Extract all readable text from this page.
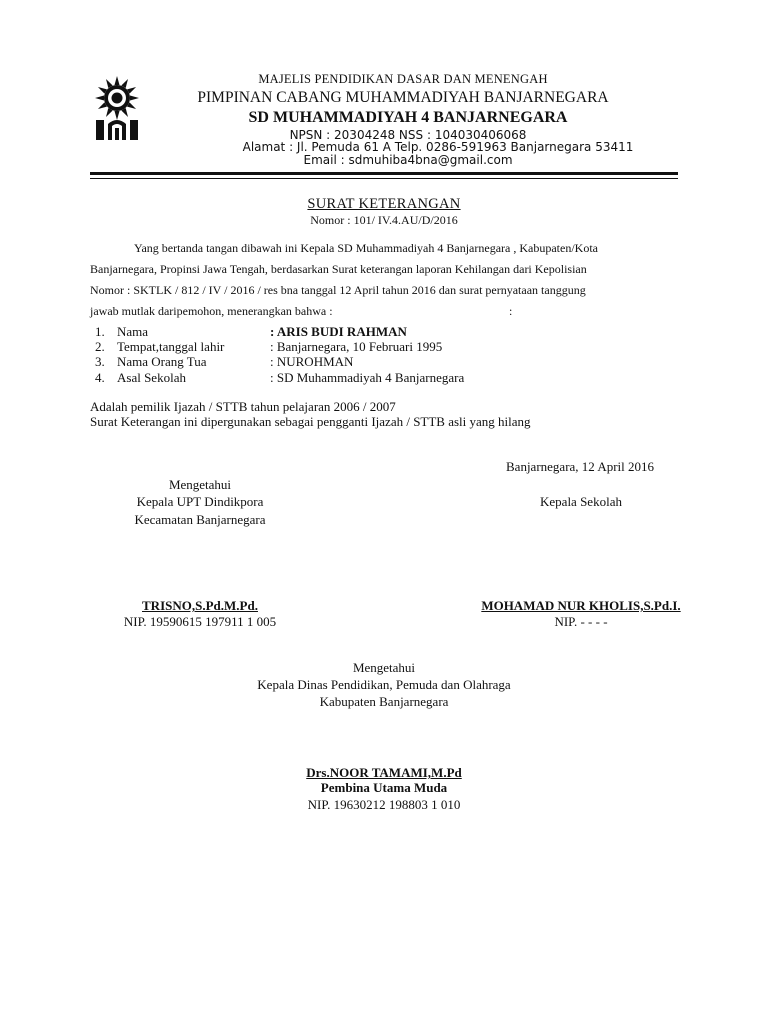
MAJELIS PENDIDIKAN DASAR DAN MENENGAH
PIMPINAN CABANG MUHAMMADIYAH BANJARNEGARA
SD MUHAMMADIYAH 4 BANJARNEGARA
NPSN : 20304248 NSS : 104030406068
Alamat : Jl. Pemuda 61 A Telp. 0286-591963 Banjarnegara 53411
Email : sdmuhiba4bna@gmail.com
SURAT KETERANGAN
Nomor : 101/ IV.4.AU/D/2016
Yang bertanda tangan dibawah ini Kepala SD Muhammadiyah 4 Banjarnegara , Kabupaten/Kota
Banjarnegara, Propinsi Jawa Tengah, berdasarkan Surat keterangan laporan Kehilangan dari Kepolisian
Nomor : SKTLK / 812 / IV / 2016 / res bna tanggal 12 April tahun 2016 dan surat pernyataan tanggung
jawab mutlak daripemohon, menerangkan bahwa :	:
1. Nama	: ARIS BUDI RAHMAN
2. Tempat,tanggal lahir	: Banjarnegara, 10 Februari 1995
3. Nama Orang Tua	: NUROHMAN
4. Asal Sekolah	: SD Muhammadiyah 4 Banjarnegara
Adalah pemilik Ijazah / STTB tahun pelajaran 2006 / 2007
Surat Keterangan ini dipergunakan sebagai pengganti Ijazah / STTB asli yang hilang
Banjarnegara, 12 April 2016
Mengetahui
Kepala UPT Dindikpora
Kecamatan Banjarnegara
Kepala Sekolah
TRISNO,S.Pd.M.Pd.
NIP. 19590615 197911 1 005
MOHAMAD NUR KHOLIS,S.Pd.I.
NIP. - - - -
Mengetahui
Kepala Dinas Pendidikan, Pemuda dan Olahraga
Kabupaten Banjarnegara
Drs.NOOR TAMAMI,M.Pd
Pembina Utama Muda
NIP. 19630212 198803 1 010
